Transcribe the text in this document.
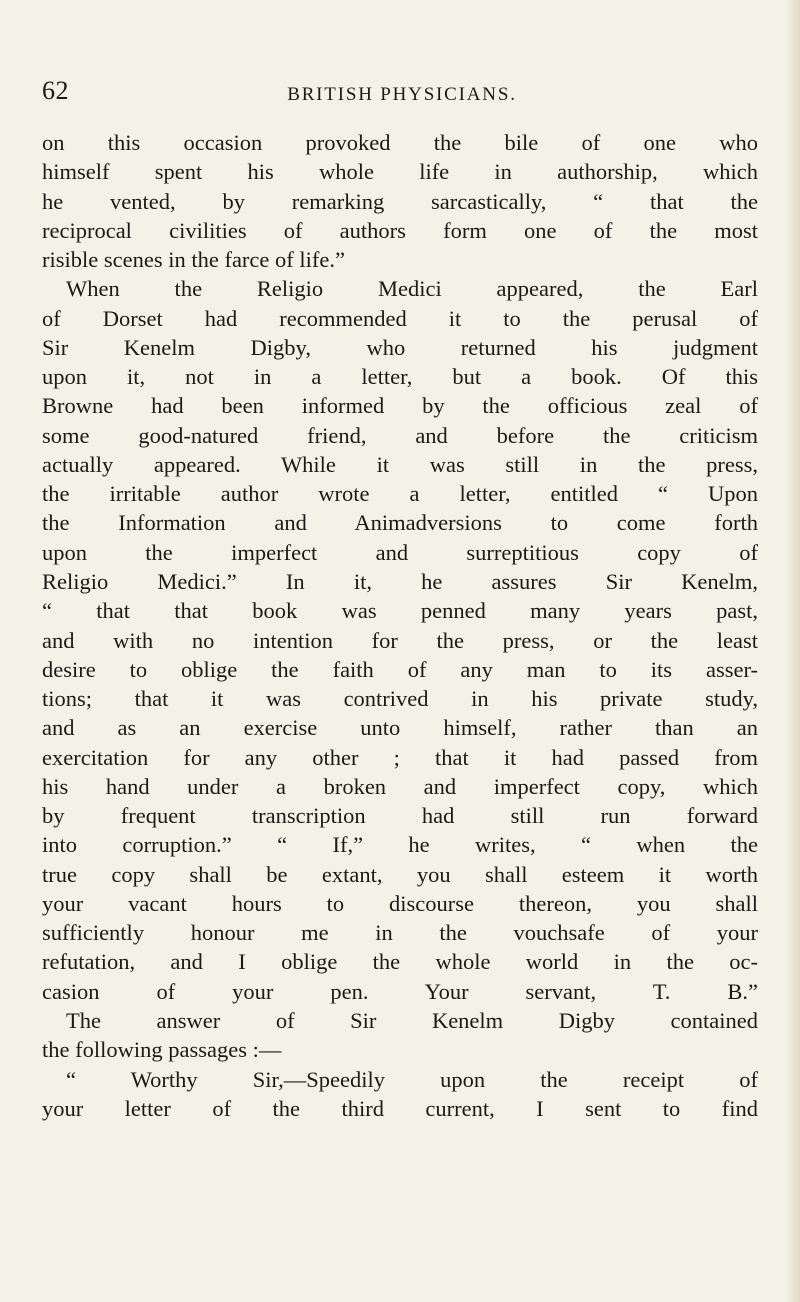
62	BRITISH PHYSICIANS.
on this occasion provoked the bile of one who
himself spent his whole life in authorship, which
he vented, by remarking sarcastically, “ that the
reciprocal civilities of authors form one of the most
risible scenes in the farce of life.”
When the Religio Medici appeared, the Earl
of Dorset had recommended it to the perusal of
Sir Kenelm Digby, who returned his judgment
upon it, not in a letter, but a book. Of this
Browne had been informed by the officious zeal of
some good-natured friend, and before the criticism
actually appeared. While it was still in the press,
the irritable author wrote a letter, entitled “ Upon
the Information and Animadversions to come forth
upon the imperfect and surreptitious copy of
Religio Medici.” In it, he assures Sir Kenelm,
“ that that book was penned many years past,
and with no intention for the press, or the least
desire to oblige the faith of any man to its asser-
tions; that it was contrived in his private study,
and as an exercise unto himself, rather than an
exercitation for any other ; that it had passed from
his hand under a broken and imperfect copy, which
by frequent transcription had still run forward
into corruption.” “ If,” he writes, “ when the
true copy shall be extant, you shall esteem it worth
your vacant hours to discourse thereon, you shall
sufficiently honour me in the vouchsafe of your
refutation, and I oblige the whole world in the oc-
casion of your pen. Your servant, T. B.”
The answer of Sir Kenelm Digby contained
the following passages :—
“ Worthy Sir,—Speedily upon the receipt of
your letter of the third current, I sent to find
